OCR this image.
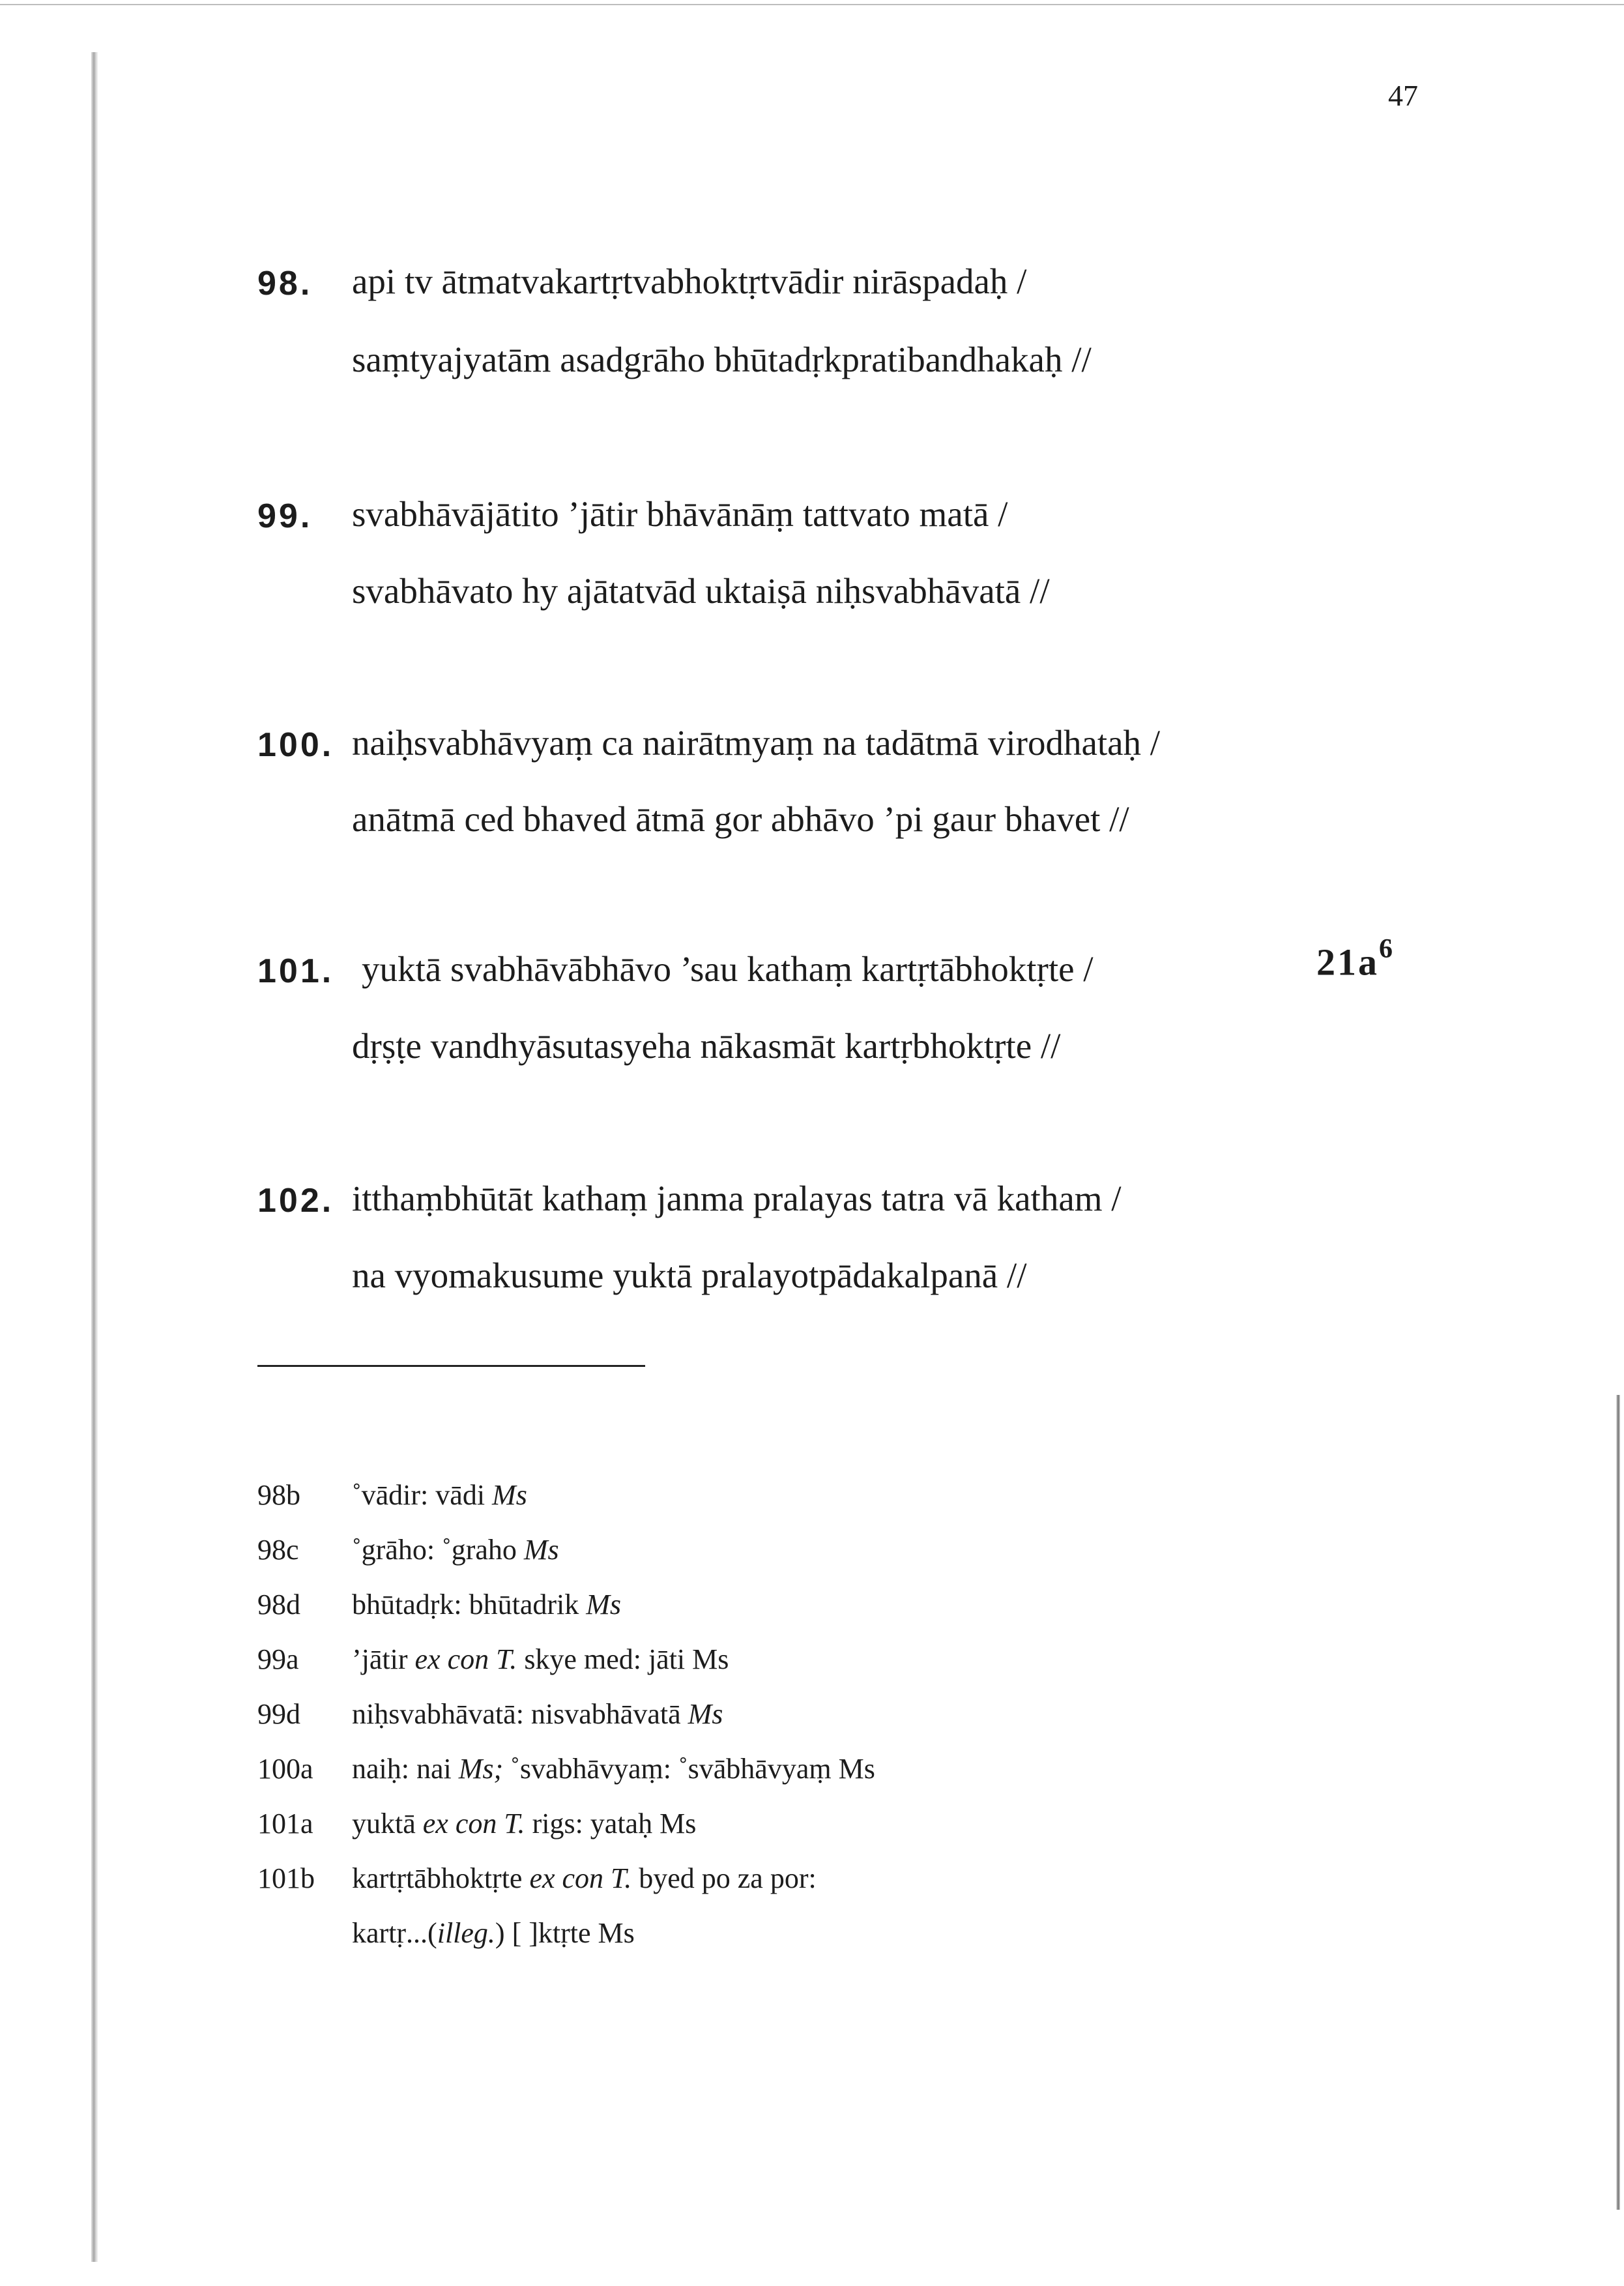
47
98.	api tv ātmatvakartṛtvabhoktṛtvādir nirāspadaḥ /
saṃtyajyatām asadgrāho bhūtadṛkpratibandhakaḥ //
99.	svabhāvājātito ’jātir bhāvānāṃ tattvato matā /
svabhāvato hy ajātatvād uktaiṣā niḥsvabhāvatā //
100. naiḥsvabhāvyaṃ ca nairātmyaṃ na tadātmā virodhataḥ /
anātmā ced bhaved ātmā gor abhāvo ’pi gaur bhavet //
101. yuktā svabhāvābhāvo ’sau kathaṃ kartṛtābhoktṛte /
dṛṣṭe vandhyāsutasyeha nākasmāt kartṛbhoktṛte //
$21a^6$
102. itthaṃbhūtāt kathaṃ janma pralayas tatra vā katham /
na vyomakusume yuktā pralayotpādakalpanā //
98b ˚vādir: vādi Ms
98c ˚grāho: ˚graho Ms
98d bhūtadṛk: bhūtadrik Ms
99a ’jātir ex con T. skye med: jāti Ms
99d niḥsvabhāvatā: nisvabhāvatā Ms
100a naiḥ: nai Ms; ˚svabhāvyaṃ: ˚svābhāvyaṃ Ms
101a yuktā ex con T. rigs: yataḥ Ms
101b kartṛtābhoktṛte ex con T. byed po za por:
kartṛ...(illeg.) [ ]ktṛte Ms
